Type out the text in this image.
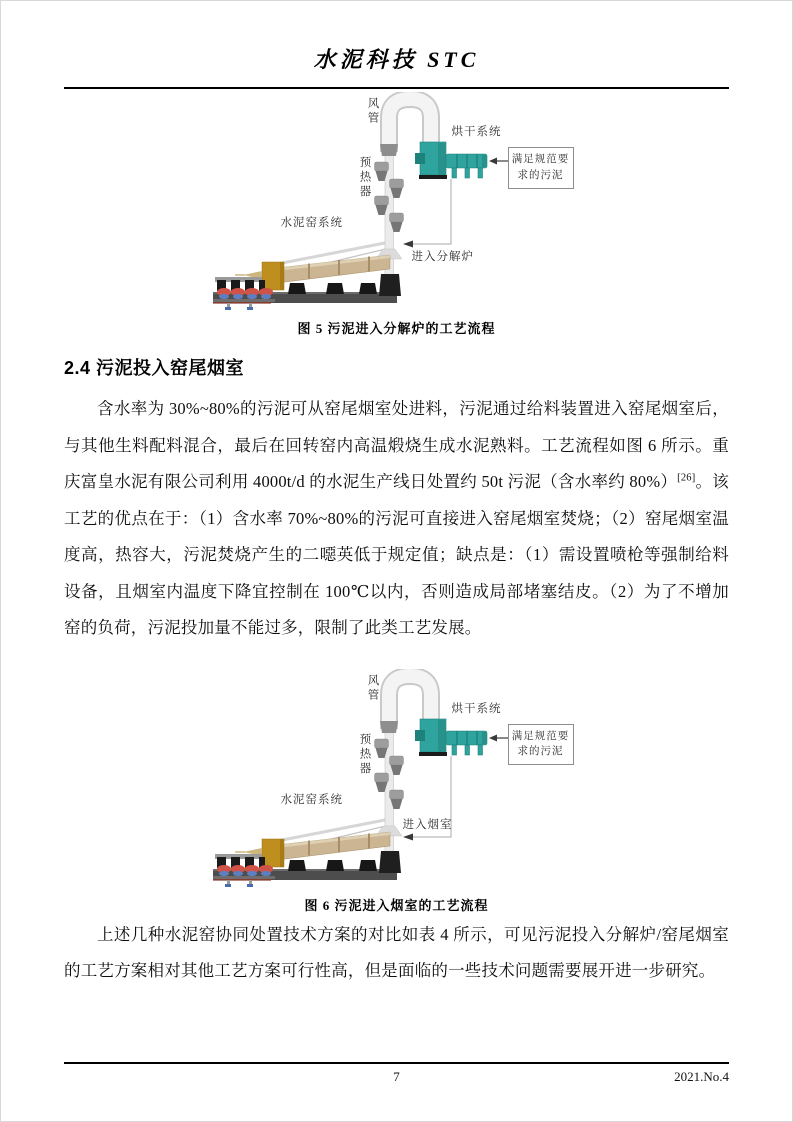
水泥科技 STC
风管
预热器
烘干系统
水泥窑系统
进入分解炉
满足规范要求的污泥
图 5 污泥进入分解炉的工艺流程
2.4 污泥投入窑尾烟室

含水率为 30%~80%的污泥可从窑尾烟室处进料，污泥通过给料装置进入窑尾烟室后，与其他生料配料混合，最后在回转窑内高温煅烧生成水泥熟料。工艺流程如图 6 所示。重庆富皇水泥有限公司利用 4000t/d 的水泥生产线日处置约 50t 污泥（含水率约 80%）[26]。该工艺的优点在于：（1）含水率 70%~80%的污泥可直接进入窑尾烟室焚烧；（2）窑尾烟室温度高，热容大，污泥焚烧产生的二噁英低于规定值；缺点是：（1）需设置喷枪等强制给料设备，且烟室内温度下降宜控制在 100℃以内，否则造成局部堵塞结皮。（2）为了不增加窑的负荷，污泥投加量不能过多，限制了此类工艺发展。

风管
预热器
烘干系统
水泥窑系统
进入烟室
满足规范要求的污泥
图 6 污泥进入烟室的工艺流程

上述几种水泥窑协同处置技术方案的对比如表 4 所示，可见污泥投入分解炉/窑尾烟室的工艺方案相对其他工艺方案可行性高，但是面临的一些技术问题需要展开进一步研究。

7	2021.No.4
